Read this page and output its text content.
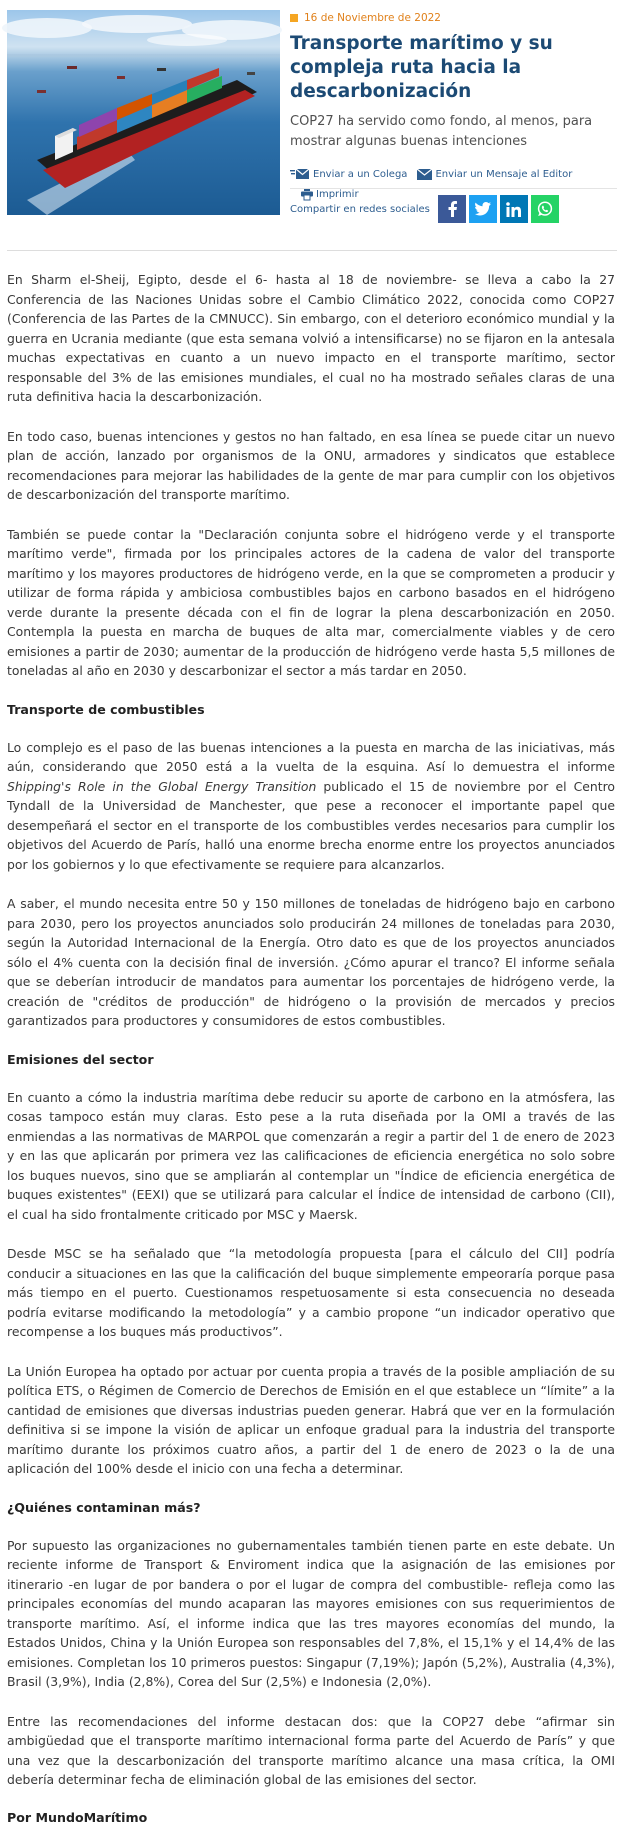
16 de Noviembre de 2022
Transporte marítimo y su compleja ruta hacia la descarbonización

COP27 ha servido como fondo, al menos, para mostrar algunas buenas intenciones

Enviar a un Colega	Enviar un Mensaje al Editor
Imprimir
Compartir en redes sociales

En Sharm el-Sheij, Egipto, desde el 6- hasta al 18 de noviembre- se lleva a cabo la 27 Conferencia de las Naciones Unidas sobre el Cambio Climático 2022, conocida como COP27 (Conferencia de las Partes de la CMNUCC). Sin embargo, con el deterioro económico mundial y la guerra en Ucrania mediante (que esta semana volvió a intensificarse) no se fijaron en la antesala muchas expectativas en cuanto a un nuevo impacto en el transporte marítimo, sector responsable del 3% de las emisiones mundiales, el cual no ha mostrado señales claras de una ruta definitiva hacia la descarbonización.

En todo caso, buenas intenciones y gestos no han faltado, en esa línea se puede citar un nuevo plan de acción, lanzado por organismos de la ONU, armadores y sindicatos que establece recomendaciones para mejorar las habilidades de la gente de mar para cumplir con los objetivos de descarbonización del transporte marítimo.

También se puede contar la "Declaración conjunta sobre el hidrógeno verde y el transporte marítimo verde", firmada por los principales actores de la cadena de valor del transporte marítimo y los mayores productores de hidrógeno verde, en la que se comprometen a producir y utilizar de forma rápida y ambiciosa combustibles bajos en carbono basados en el hidrógeno verde durante la presente década con el fin de lograr la plena descarbonización en 2050. Contempla la puesta en marcha de buques de alta mar, comercialmente viables y de cero emisiones a partir de 2030; aumentar de la producción de hidrógeno verde hasta 5,5 millones de toneladas al año en 2030 y descarbonizar el sector a más tardar en 2050.

Transporte de combustibles

Lo complejo es el paso de las buenas intenciones a la puesta en marcha de las iniciativas, más aún, considerando que 2050 está a la vuelta de la esquina. Así lo demuestra el informe Shipping's Role in the Global Energy Transition publicado el 15 de noviembre por el Centro Tyndall de la Universidad de Manchester, que pese a reconocer el importante papel que desempeñará el sector en el transporte de los combustibles verdes necesarios para cumplir los objetivos del Acuerdo de París, halló una enorme brecha enorme entre los proyectos anunciados por los gobiernos y lo que efectivamente se requiere para alcanzarlos.

A saber, el mundo necesita entre 50 y 150 millones de toneladas de hidrógeno bajo en carbono para 2030, pero los proyectos anunciados solo producirán 24 millones de toneladas para 2030, según la Autoridad Internacional de la Energía. Otro dato es que de los proyectos anunciados sólo el 4% cuenta con la decisión final de inversión. ¿Cómo apurar el tranco? El informe señala que se deberían introducir de mandatos para aumentar los porcentajes de hidrógeno verde, la creación de "créditos de producción" de hidrógeno o la provisión de mercados y precios garantizados para productores y consumidores de estos combustibles.

Emisiones del sector

En cuanto a cómo la industria marítima debe reducir su aporte de carbono en la atmósfera, las cosas tampoco están muy claras. Esto pese a la ruta diseñada por la OMI a través de las enmiendas a las normativas de MARPOL que comenzarán a regir a partir del 1 de enero de 2023 y en las que aplicarán por primera vez las calificaciones de eficiencia energética no solo sobre los buques nuevos, sino que se ampliarán al contemplar un "Índice de eficiencia energética de buques existentes" (EEXI) que se utilizará para calcular el Índice de intensidad de carbono (CII), el cual ha sido frontalmente criticado por MSC y Maersk.

Desde MSC se ha señalado que “la metodología propuesta [para el cálculo del CII] podría conducir a situaciones en las que la calificación del buque simplemente empeoraría porque pasa más tiempo en el puerto. Cuestionamos respetuosamente si esta consecuencia no deseada podría evitarse modificando la metodología” y a cambio propone “un indicador operativo que recompense a los buques más productivos”.

La Unión Europea ha optado por actuar por cuenta propia a través de la posible ampliación de su política ETS, o Régimen de Comercio de Derechos de Emisión en el que establece un “límite” a la cantidad de emisiones que diversas industrias pueden generar. Habrá que ver en la formulación definitiva si se impone la visión de aplicar un enfoque gradual para la industria del transporte marítimo durante los próximos cuatro años, a partir del 1 de enero de 2023 o la de una aplicación del 100% desde el inicio con una fecha a determinar.

¿Quiénes contaminan más?

Por supuesto las organizaciones no gubernamentales también tienen parte en este debate. Un reciente informe de Transport & Enviroment indica que la asignación de las emisiones por itinerario -en lugar de por bandera o por el lugar de compra del combustible- refleja como las principales economías del mundo acaparan las mayores emisiones con sus requerimientos de transporte marítimo. Así, el informe indica que las tres mayores economías del mundo, la Estados Unidos, China y la Unión Europea son responsables del 7,8%, el 15,1% y el 14,4% de las emisiones. Completan los 10 primeros puestos: Singapur (7,19%); Japón (5,2%), Australia (4,3%), Brasil (3,9%), India (2,8%), Corea del Sur (2,5%) e Indonesia (2,0%).

Entre las recomendaciones del informe destacan dos: que la COP27 debe “afirmar sin ambigüedad que el transporte marítimo internacional forma parte del Acuerdo de París” y que una vez que la descarbonización del transporte marítimo alcance una masa crítica, la OMI debería determinar fecha de eliminación global de las emisiones del sector.

Por MundoMarítimo
